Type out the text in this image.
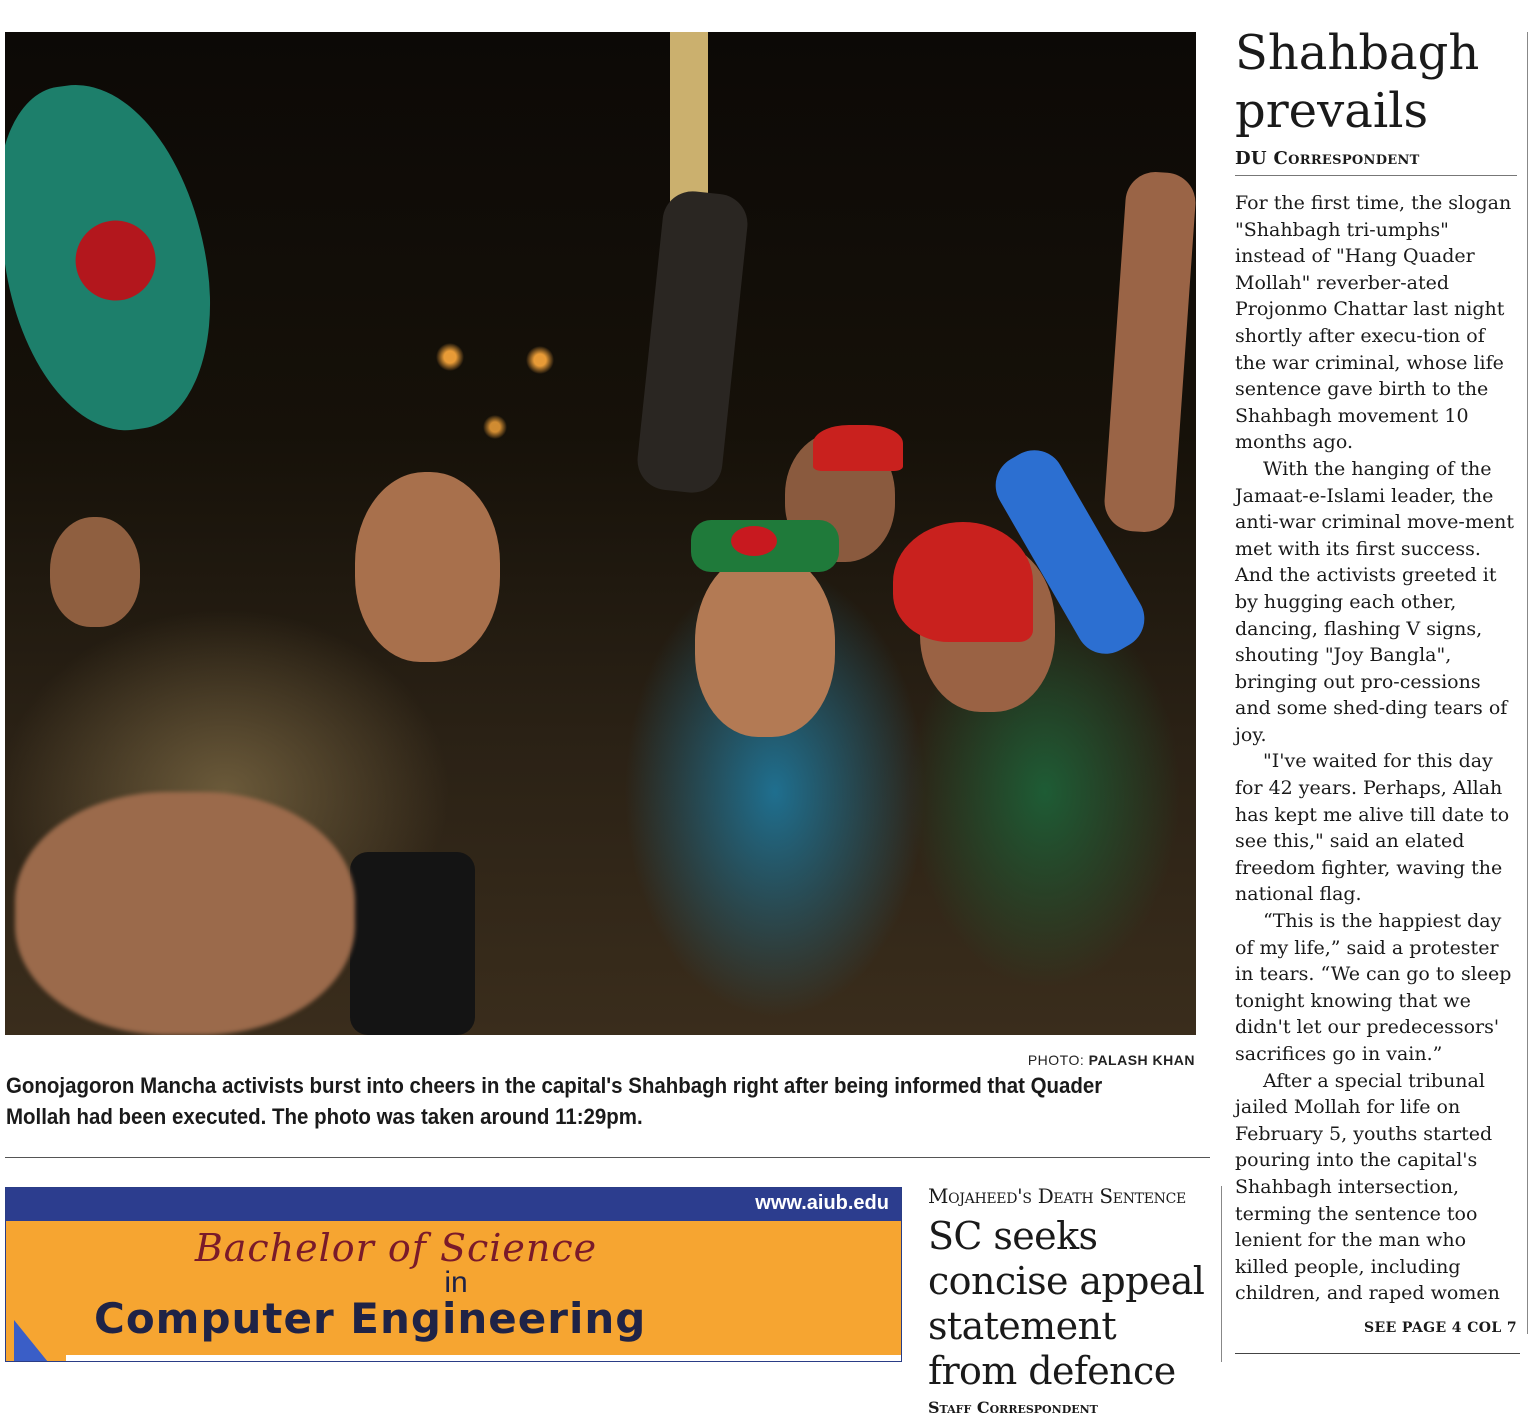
PHOTO: PALASH KHAN
Gonojagoron Mancha activists burst into cheers in the capital's Shahbagh right after being informed that Quader Mollah had been executed. The photo was taken around 11:29pm.
Shahbagh
prevails
DU Correspondent

For the first time, the slogan "Shahbagh tri-umphs" instead of "Hang Quader Mollah" reverber-ated Projonmo Chattar last night shortly after execu-tion of the war criminal, whose life sentence gave birth to the Shahbagh movement 10 months ago.

With the hanging of the Jamaat-e-Islami leader, the anti-war criminal move-ment met with its first success. And the activists greeted it by hugging each other, dancing, flashing V signs, shouting "Joy Bangla", bringing out pro-cessions and some shed-ding tears of joy.

"I've waited for this day for 42 years. Perhaps, Allah has kept me alive till date to see this," said an elated freedom fighter, waving the national flag.

“This is the happiest day of my life,” said a protester in tears. “We can go to sleep tonight knowing that we didn't let our predecessors' sacrifices go in vain.”

After a special tribunal jailed Mollah for life on February 5, youths started pouring into the capital's Shahbagh intersection, terming the sentence too lenient for the man who killed people, including children, and raped women

SEE PAGE 4 COL 7
www.aiub.edu
Bachelor of Science
in
Computer Engineering
Mojaheed's Death Sentence
SC seeks concise appeal statement from defence
Staff Correspondent
